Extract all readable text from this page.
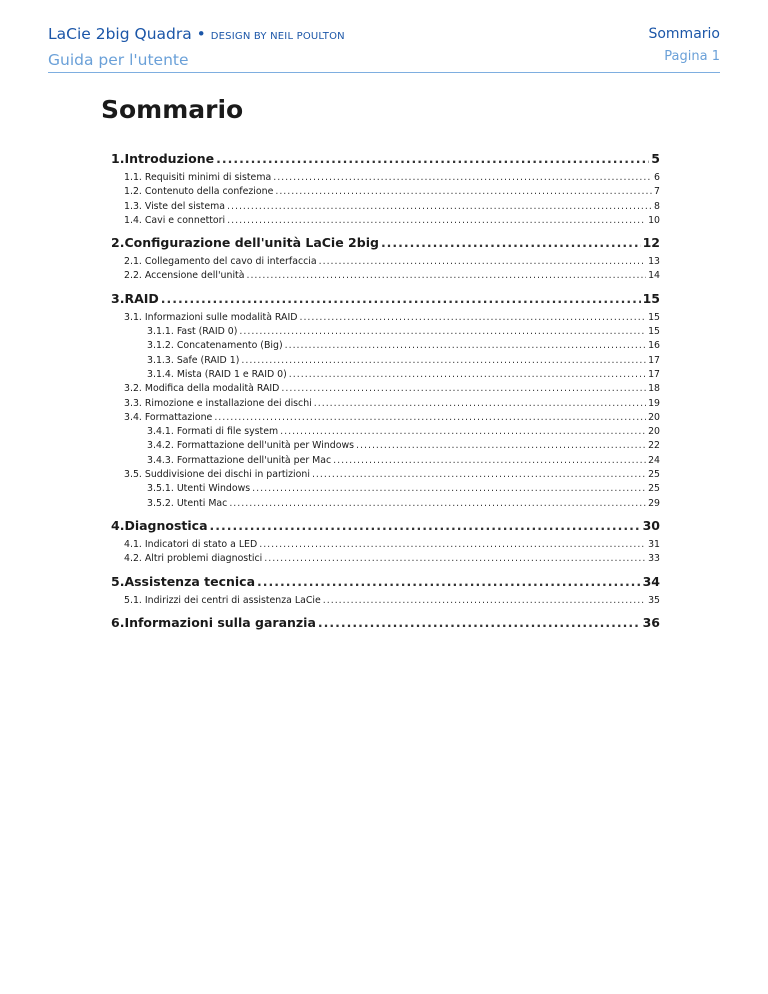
LaCie 2big Quadra • DESIGN BY NEIL POULTON
Guida per l'utente
Sommario
Pagina 1
Sommario
1.Introduzione .....	5
1.1. Requisiti minimi di sistema .....	6
1.2. Contenuto della confezione .....	7
1.3. Viste del sistema .....	8
1.4. Cavi e connettori .....	10
2.Configurazione dell'unità LaCie 2big .....	12
2.1. Collegamento del cavo di interfaccia .....	13
2.2. Accensione dell'unità .....	14
3.RAID .....	15
3.1. Informazioni sulle modalità RAID .....	15
3.1.1. Fast (RAID 0) .....	15
3.1.2. Concatenamento (Big) .....	16
3.1.3. Safe (RAID 1) .....	17
3.1.4. Mista (RAID 1 e RAID 0) .....	17
3.2. Modifica della modalità RAID .....	18
3.3. Rimozione e installazione dei dischi .....	19
3.4. Formattazione .....	20
3.4.1. Formati di file system .....	20
3.4.2. Formattazione dell'unità per Windows .....	22
3.4.3. Formattazione dell'unità per Mac .....	24
3.5. Suddivisione dei dischi in partizioni .....	25
3.5.1. Utenti Windows .....	25
3.5.2. Utenti Mac .....	29
4.Diagnostica .....	30
4.1. Indicatori di stato a LED .....	31
4.2. Altri problemi diagnostici .....	33
5.Assistenza tecnica .....	34
5.1. Indirizzi dei centri di assistenza LaCie .....	35
6.Informazioni sulla garanzia .....	36
